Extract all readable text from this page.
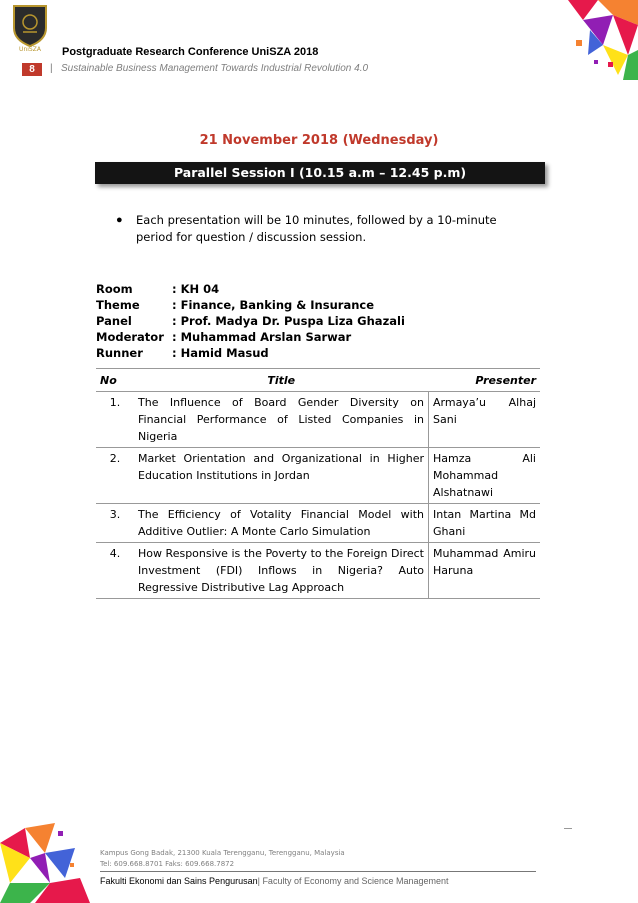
UniSZA Postgraduate Research Conference UniSZA 2018
8	| Sustainable Business Management Towards Industrial Revolution 4.0
21 November 2018 (Wednesday)
Parallel Session I (10.15 a.m – 12.45 p.m)
● Each presentation will be 10 minutes, followed by a 10-minute period for question / discussion session.
Room	: KH 04
Theme	: Finance, Banking & Insurance
Panel	: Prof. Madya Dr. Puspa Liza Ghazali
Moderator : Muhammad Arslan Sarwar
Runner	: Hamid Masud
No	Title	Presenter
1.	The Influence of Board Gender Diversity on Financial Performance of Listed Companies in Nigeria	Armaya’u Alhaj Sani
2.	Market Orientation and Organizational in Higher Education Institutions in Jordan	Hamza Ali Mohammad Alshatnawi
3.	The Efficiency of Votality Financial Model with Additive Outlier: A Monte Carlo Simulation	Intan Martina Md Ghani
4.	How Responsive is the Poverty to the Foreign Direct Investment (FDI) Inflows in Nigeria? Auto Regressive Distributive Lag Approach	Muhammad Amiru Haruna
Kampus Gong Badak, 21300 Kuala Terengganu, Terengganu, Malaysia
Tel: 609.668.8701 Faks: 609.668.7872
Fakulti Ekonomi dan Sains Pengurusan| Faculty of Economy and Science Management
